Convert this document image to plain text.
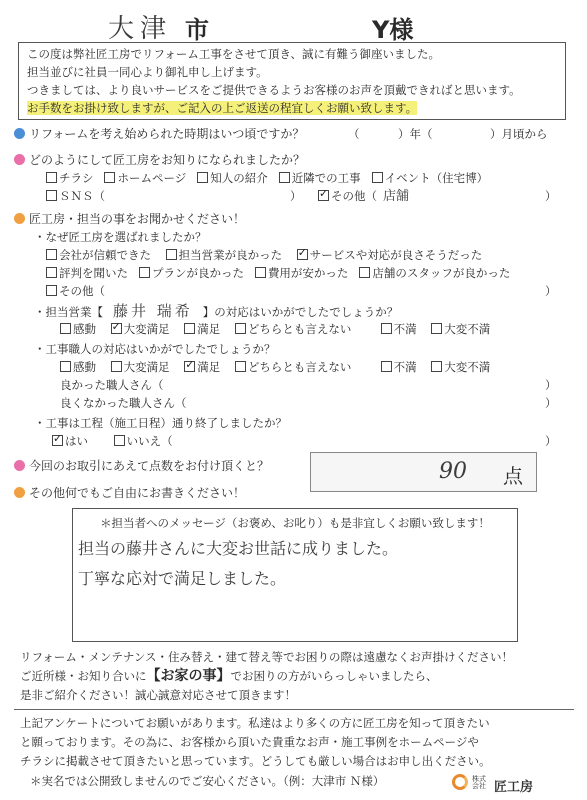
大津 市	Y様
この度は弊社匠工房でリフォーム工事をさせて頂き、誠に有難う御座いました。
担当並びに社員一同心より御礼申し上げます。
つきましては、より良いサービスをご提供できるようお客様のお声を頂戴できればと思います。
お手数をお掛け致しますが、ご記入の上ご返送の程宜しくお願い致します。
リフォームを考え始められた時期はいつ頃ですか？	（	）年（	）月頃から
どのようにして匠工房をお知りになられましたか？
チラシ ホームページ 知人の紹介 近隣での工事 イベント（住宅博）
ＳＮＳ（	） ✓	その他（ 店舗	）
匠工房・担当の事をお聞かせください！
・なぜ匠工房を選ばれましたか？
会社が信頼できた 担当営業が良かった ✓ サービスや対応が良さそうだった
評判を聞いた プランが良かった 費用が安かった 店舗のスタッフが良かった
その他（	）
・担当営業【 藤井 瑞希 】の対応はいかがでしたでしょうか？
感動 ✓ 大変満足 満足 どちらとも言えない	不満 大変不満
・工事職人の対応はいかがでしたでしょうか？
感動 大変満足 ✓ 満足 どちらとも言えない	不満 大変不満
良かった職人さん（	）
良くなかった職人さん（	）
・工事は工程（施工日程）通り終了しましたか？
✓はい	いいえ（	）
今回のお取引にあえて点数をお付け頂くと？	90 点
その他何でもご自由にお書きください！
＊担当者へのメッセージ（お褒め、お叱り）も是非宜しくお願い致します！
担当の藤井さんに大変お世話に成りました。
丁寧な応対で満足しました。
リフォーム・メンテナンス・住み替え・建て替え等でお困りの際は遠慮なくお声掛けください！
ご近所様・お知り合いに【お家の事】でお困りの方がいらっしゃいましたら、
是非ご紹介ください！誠心誠意対応させて頂きます！
上記アンケートについてお願いがあります。私達はより多くの方に匠工房を知って頂きたい
と願っております。その為に、お客様から頂いた貴重なお声・施工事例をホームページや
チラシに掲載させて頂きたいと思っています。どうしても厳しい場合はお申し出ください。
＊実名では公開致しませんのでご安心ください。（例：大津市 Ｎ様）	株式会社 匠工房
